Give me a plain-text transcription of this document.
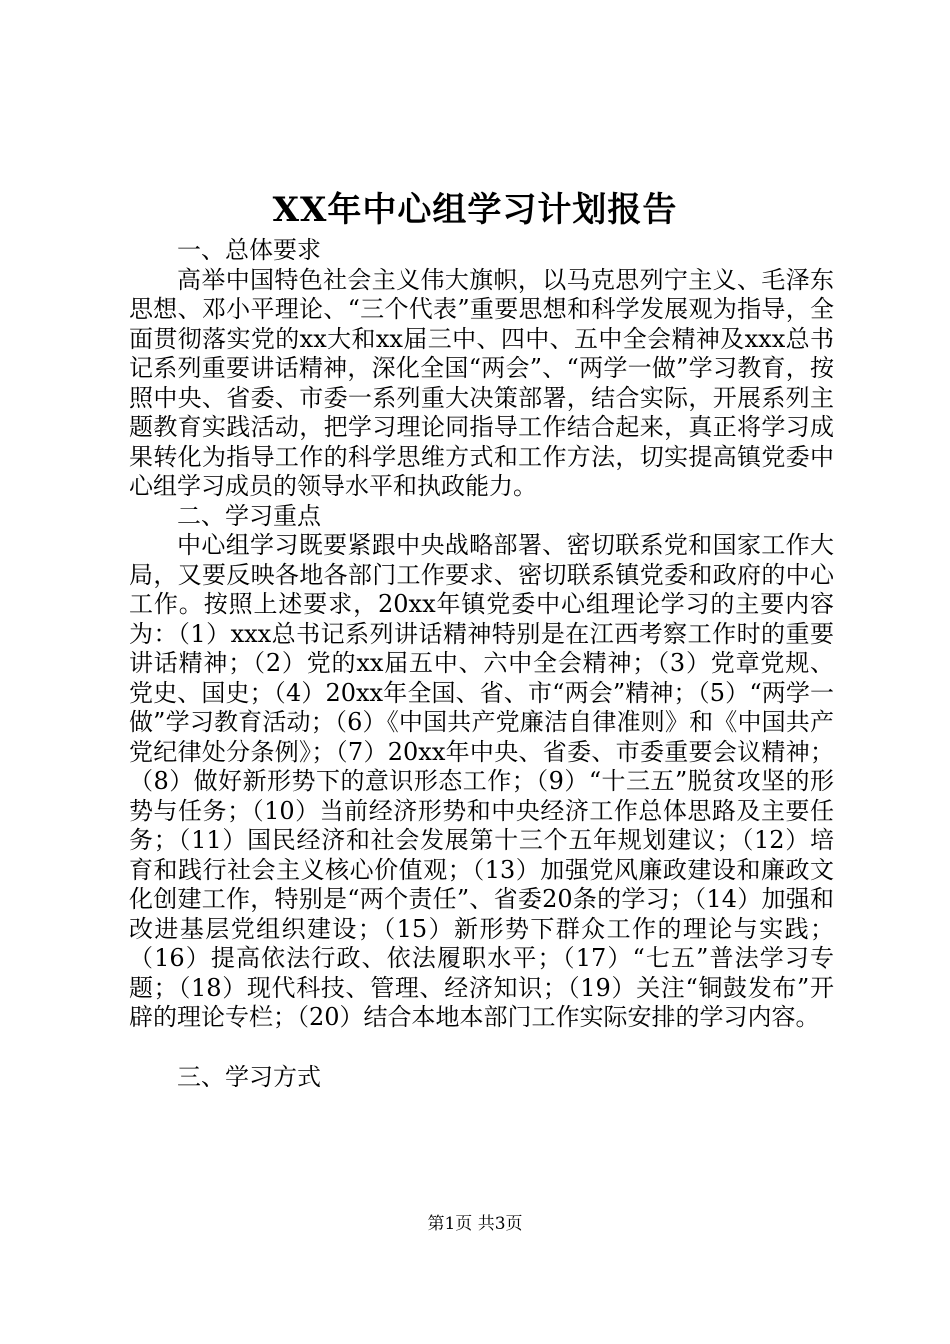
XX年中心组学习计划报告

一、总体要求

高举中国特色社会主义伟大旗帜，以马克思列宁主义、毛泽东思想、邓小平理论、“三个代表”重要思想和科学发展观为指导，全面贯彻落实党的xx大和xx届三中、四中、五中全会精神及xxx总书记系列重要讲话精神，深化全国“两会”、“两学一做”学习教育，按照中央、省委、市委一系列重大决策部署，结合实际，开展系列主题教育实践活动，把学习理论同指导工作结合起来，真正将学习成果转化为指导工作的科学思维方式和工作方法，切实提高镇党委中心组学习成员的领导水平和执政能力。

二、学习重点

中心组学习既要紧跟中央战略部署、密切联系党和国家工作大局，又要反映各地各部门工作要求、密切联系镇党委和政府的中心工作。按照上述要求，20xx年镇党委中心组理论学习的主要内容为：（1）xxx总书记系列讲话精神特别是在江西考察工作时的重要讲话精神；（2）党的xx届五中、六中全会精神；（3）党章党规、党史、国史；（4）20xx年全国、省、市“两会”精神；（5）“两学一做”学习教育活动；（6）《中国共产党廉洁自律准则》和《中国共产党纪律处分条例》；（7）20xx年中央、省委、市委重要会议精神；（8）做好新形势下的意识形态工作；（9）“十三五”脱贫攻坚的形势与任务；（10）当前经济形势和中央经济工作总体思路及主要任务；（11）国民经济和社会发展第十三个五年规划建议；（12）培育和践行社会主义核心价值观；（13）加强党风廉政建设和廉政文化创建工作，特别是“两个责任”、省委20条的学习；（14）加强和改进基层党组织建设；（15）新形势下群众工作的理论与实践；（16）提高依法行政、依法履职水平；（17）“七五”普法学习专题；（18）现代科技、管理、经济知识；（19）关注“铜鼓发布”开辟的理论专栏；（20）结合本地本部门工作实际安排的学习内容。

三、学习方式

第1页 共3页
